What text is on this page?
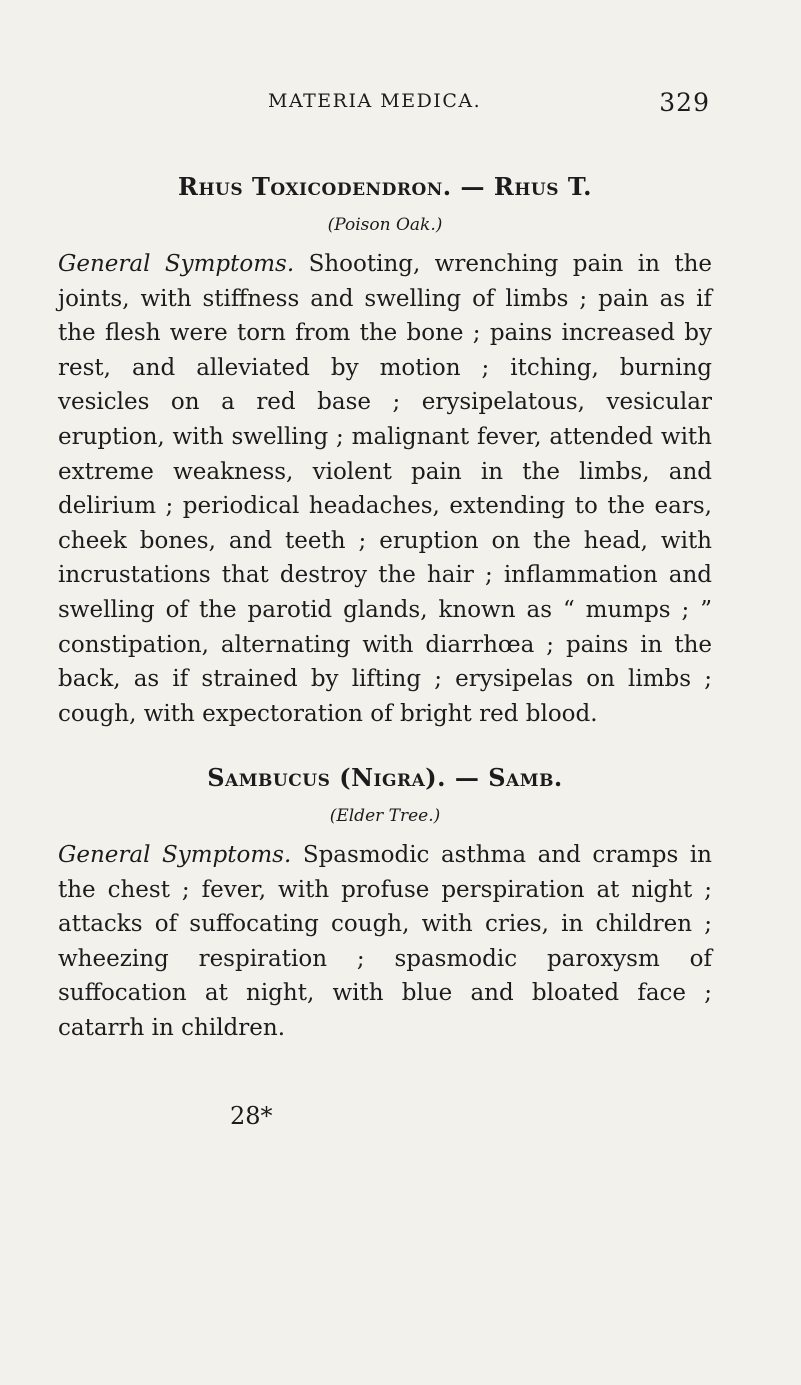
MATERIA MEDICA.	329
Rhus Toxicodendron. — Rhus T.
(Poison Oak.)

General Symptoms. Shooting, wrenching pain in the joints, with stiffness and swelling of limbs ; pain as if the flesh were torn from the bone ; pains increased by rest, and alleviated by motion ; itching, burning vesicles on a red base ; erysipelatous, vesicular eruption, with swelling ; malignant fever, attended with extreme weakness, violent pain in the limbs, and delirium ; periodical headaches, extending to the ears, cheek bones, and teeth ; eruption on the head, with incrustations that destroy the hair ; inflammation and swelling of the parotid glands, known as “ mumps ; ” constipation, alternating with diarrhœa ; pains in the back, as if strained by lifting ; erysipelas on limbs ; cough, with expectoration of bright red blood.

Sambucus (Nigra). — Samb.
(Elder Tree.)

General Symptoms. Spasmodic asthma and cramps in the chest ; fever, with profuse perspiration at night ; attacks of suffocating cough, with cries, in children ; wheezing respiration ; spasmodic paroxysm of suffocation at night, with blue and bloated face ; catarrh in children.

28*
